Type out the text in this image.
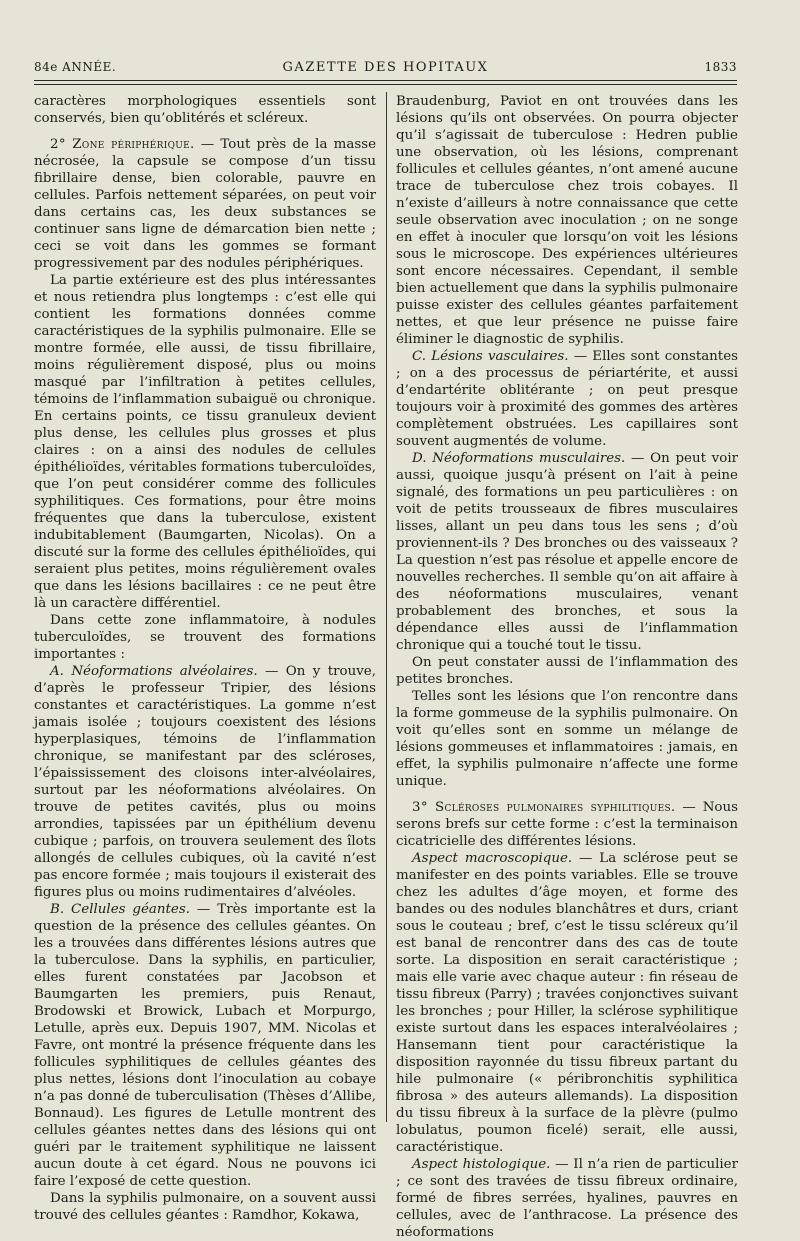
84e ANNÉE.	GAZETTE DES HOPITAUX	1833

caractères morphologiques essentiels sont conservés, bien qu’oblitérés et scléreux.

2° Zone périphérique. — Tout près de la masse nécrosée, la capsule se compose d’un tissu fibrillaire dense, bien colorable, pauvre en cellules. Parfois nettement séparées, on peut voir dans certains cas, les deux substances se continuer sans ligne de démarcation bien nette ; ceci se voit dans les gommes se formant progressivement par des nodules périphériques.

La partie extérieure est des plus intéressantes et nous retiendra plus longtemps : c’est elle qui contient les formations données comme caractéristiques de la syphilis pulmonaire. Elle se montre formée, elle aussi, de tissu fibrillaire, moins régulièrement disposé, plus ou moins masqué par l’infiltration à petites cellules, témoins de l’inflammation subaiguë ou chronique. En certains points, ce tissu granuleux devient plus dense, les cellules plus grosses et plus claires : on a ainsi des nodules de cellules épithélioïdes, véritables formations tuberculoïdes, que l’on peut considérer comme des follicules syphilitiques. Ces formations, pour être moins fréquentes que dans la tuberculose, existent indubitablement (Baumgarten, Nicolas). On a discuté sur la forme des cellules épithélioïdes, qui seraient plus petites, moins régulièrement ovales que dans les lésions bacillaires : ce ne peut être là un caractère différentiel.

Dans cette zone inflammatoire, à nodules tuberculoïdes, se trouvent des formations importantes :

A. Néoformations alvéolaires. — On y trouve, d’après le professeur Tripier, des lésions constantes et caractéristiques. La gomme n’est jamais isolée ; toujours coexistent des lésions hyperplasiques, témoins de l’inflammation chronique, se manifestant par des scléroses, l’épaississement des cloisons inter-alvéolaires, surtout par les néoformations alvéolaires. On trouve de petites cavités, plus ou moins arrondies, tapissées par un épithélium devenu cubique ; parfois, on trouvera seulement des îlots allongés de cellules cubiques, où la cavité n’est pas encore formée ; mais toujours il existerait des figures plus ou moins rudimentaires d’alvéoles.

B. Cellules géantes. — Très importante est la question de la présence des cellules géantes. On les a trouvées dans différentes lésions autres que la tuberculose. Dans la syphilis, en particulier, elles furent constatées par Jacobson et Baumgarten les premiers, puis Renaut, Brodowski et Browick, Lubach et Morpurgo, Letulle, après eux. Depuis 1907, MM. Nicolas et Favre, ont montré la présence fréquente dans les follicules syphilitiques de cellules géantes des plus nettes, lésions dont l’inoculation au cobaye n’a pas donné de tuberculisation (Thèses d’Allibe, Bonnaud). Les figures de Letulle montrent des cellules géantes nettes dans des lésions qui ont guéri par le traitement syphilitique ne laissent aucun doute à cet égard. Nous ne pouvons ici faire l’exposé de cette question.

Dans la syphilis pulmonaire, on a souvent aussi trouvé des cellules géantes : Ramdhor, Kokawa,

Braudenburg, Paviot en ont trouvées dans les lésions qu’ils ont observées. On pourra objecter qu’il s’agissait de tuberculose : Hedren publie une observation, où les lésions, comprenant follicules et cellules géantes, n’ont amené aucune trace de tuberculose chez trois cobayes. Il n’existe d’ailleurs à notre connaissance que cette seule observation avec inoculation ; on ne songe en effet à inoculer que lorsqu’on voit les lésions sous le microscope. Des expériences ultérieures sont encore nécessaires. Cependant, il semble bien actuellement que dans la syphilis pulmonaire puisse exister des cellules géantes parfaitement nettes, et que leur présence ne puisse faire éliminer le diagnostic de syphilis.

C. Lésions vasculaires. — Elles sont constantes ; on a des processus de périartérite, et aussi d’endartérite oblitérante ; on peut presque toujours voir à proximité des gommes des artères complètement obstruées. Les capillaires sont souvent augmentés de volume.

D. Néoformations musculaires. — On peut voir aussi, quoique jusqu’à présent on l’ait à peine signalé, des formations un peu particulières : on voit de petits trousseaux de fibres musculaires lisses, allant un peu dans tous les sens ; d’où proviennent-ils ? Des bronches ou des vaisseaux ? La question n’est pas résolue et appelle encore de nouvelles recherches. Il semble qu’on ait affaire à des néoformations musculaires, venant probablement des bronches, et sous la dépendance elles aussi de l’inflammation chronique qui a touché tout le tissu.

On peut constater aussi de l’inflammation des petites bronches.

Telles sont les lésions que l’on rencontre dans la forme gommeuse de la syphilis pulmonaire. On voit qu’elles sont en somme un mélange de lésions gommeuses et inflammatoires : jamais, en effet, la syphilis pulmonaire n’affecte une forme unique.

3° Scléroses pulmonaires syphilitiques. — Nous serons brefs sur cette forme : c’est la terminaison cicatricielle des différentes lésions.

Aspect macroscopique. — La sclérose peut se manifester en des points variables. Elle se trouve chez les adultes d’âge moyen, et forme des bandes ou des nodules blanchâtres et durs, criant sous le couteau ; bref, c’est le tissu scléreux qu’il est banal de rencontrer dans des cas de toute sorte. La disposition en serait caractéristique ; mais elle varie avec chaque auteur : fin réseau de tissu fibreux (Parry) ; travées conjonctives suivant les bronches ; pour Hiller, la sclérose syphilitique existe surtout dans les espaces interalvéolaires ; Hansemann tient pour caractéristique la disposition rayonnée du tissu fibreux partant du hile pulmonaire (« péribronchitis syphilitica fibrosa » des auteurs allemands). La disposition du tissu fibreux à la surface de la plèvre (pulmo lobulatus, poumon ficelé) serait, elle aussi, caractéristique.

Aspect histologique. — Il n’a rien de particulier ; ce sont des travées de tissu fibreux ordinaire, formé de fibres serrées, hyalines, pauvres en cellules, avec de l’anthracose. La présence des néoformations
